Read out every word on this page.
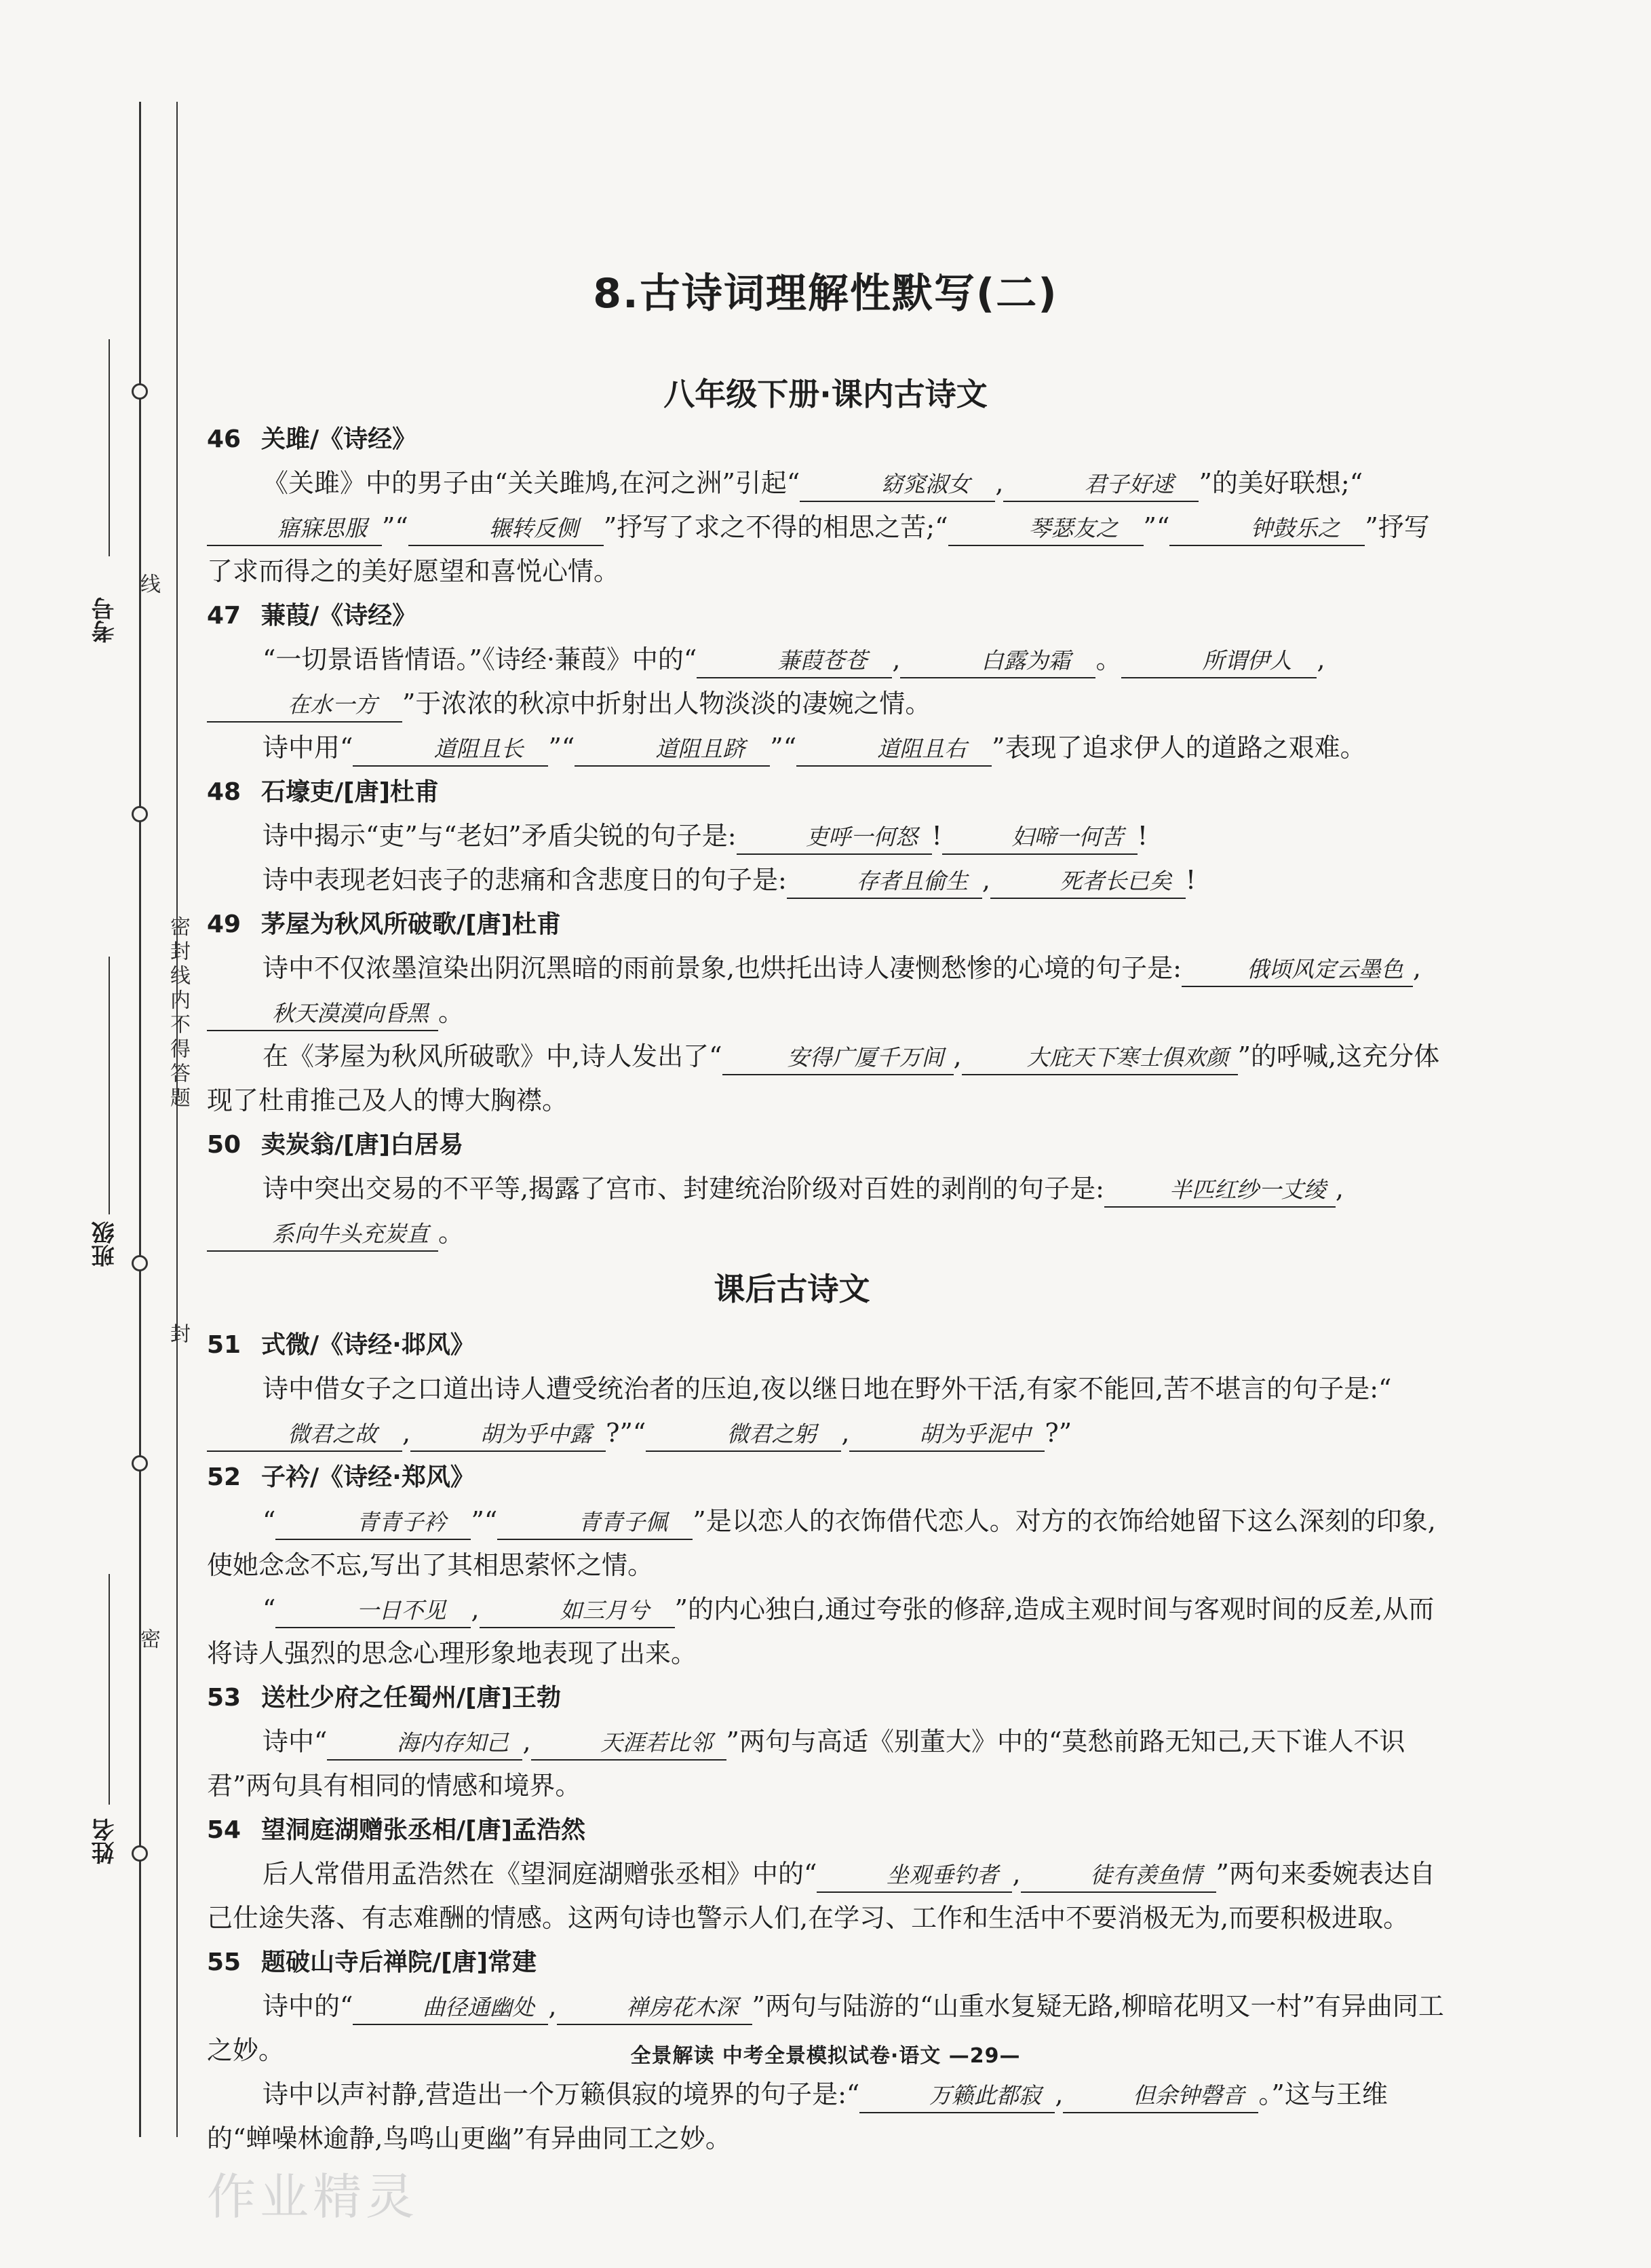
考号
线
班级
密封线内不得答题
封
姓名
密
8.古诗词理解性默写(二)
八年级下册·课内古诗文

46 关雎/《诗经》

《关雎》中的男子由“关关雎鸠,在河之洲”引起“	窈窕淑女 ,	君子好逑 ”的美好联想;“寤寐思服 ”“	辗转反侧 ”抒写了求之不得的相思之苦;“	琴瑟友之 ”“	钟鼓乐之 ”抒写了求而得之的美好愿望和喜悦心情。

47 蒹葭/《诗经》

“一切景语皆情语。”《诗经·蒹葭》中的“	蒹葭苍苍 ,	白露为霜 。	所谓伊人 ,在水一方 ”于浓浓的秋凉中折射出人物淡淡的凄婉之情。

诗中用“	道阻且长 ”“	道阻且跻 ”“	道阻且右 ”表现了追求伊人的道路之艰难。

48 石壕吏/[唐]杜甫

诗中揭示“吏”与“老妇”矛盾尖锐的句子是:	吏呼一何怒 !	妇啼一何苦 !

诗中表现老妇丧子的悲痛和含悲度日的句子是:	存者且偷生 ,	死者长已矣 !

49 茅屋为秋风所破歌/[唐]杜甫

诗中不仅浓墨渲染出阴沉黑暗的雨前景象,也烘托出诗人凄恻愁惨的心境的句子是:	俄顷风定云墨色 ,秋天漠漠向昏黑 。

在《茅屋为秋风所破歌》中,诗人发出了“	安得广厦千万间 ,	大庇天下寒士俱欢颜 ”的呼喊,这充分体现了杜甫推己及人的博大胸襟。

50 卖炭翁/[唐]白居易

诗中突出交易的不平等,揭露了宫市、封建统治阶级对百姓的剥削的句子是:	半匹红纱一丈绫 ,系向牛头充炭直 。

课后古诗文

51 式微/《诗经·邶风》

诗中借女子之口道出诗人遭受统治者的压迫,夜以继日地在野外干活,有家不能回,苦不堪言的句子是:“微君之故 ,	胡为乎中露 ?”“	微君之躬 ,	胡为乎泥中 ?”

52 子衿/《诗经·郑风》

“	青青子衿 ”“	青青子佩 ”是以恋人的衣饰借代恋人。对方的衣饰给她留下这么深刻的印象,使她念念不忘,写出了其相思萦怀之情。

“	一日不见 ,	如三月兮 ”的内心独白,通过夸张的修辞,造成主观时间与客观时间的反差,从而将诗人强烈的思念心理形象地表现了出来。

53 送杜少府之任蜀州/[唐]王勃

诗中“	海内存知己 ,	天涯若比邻 ”两句与高适《别董大》中的“莫愁前路无知己,天下谁人不识君”两句具有相同的情感和境界。

54 望洞庭湖赠张丞相/[唐]孟浩然

后人常借用孟浩然在《望洞庭湖赠张丞相》中的“	坐观垂钓者 ,	徒有羡鱼情 ”两句来委婉表达自己仕途失落、有志难酬的情感。这两句诗也警示人们,在学习、工作和生活中不要消极无为,而要积极进取。

55 题破山寺后禅院/[唐]常建

诗中的“	曲径通幽处 ,	禅房花木深 ”两句与陆游的“山重水复疑无路,柳暗花明又一村”有异曲同工之妙。

诗中以声衬静,营造出一个万籁俱寂的境界的句子是:“	万籁此都寂 ,	但余钟磬音 。”这与王维的“蝉噪林逾静,鸟鸣山更幽”有异曲同工之妙。

全景解读 中考全景模拟试卷·语文 —29—
作业精灵
